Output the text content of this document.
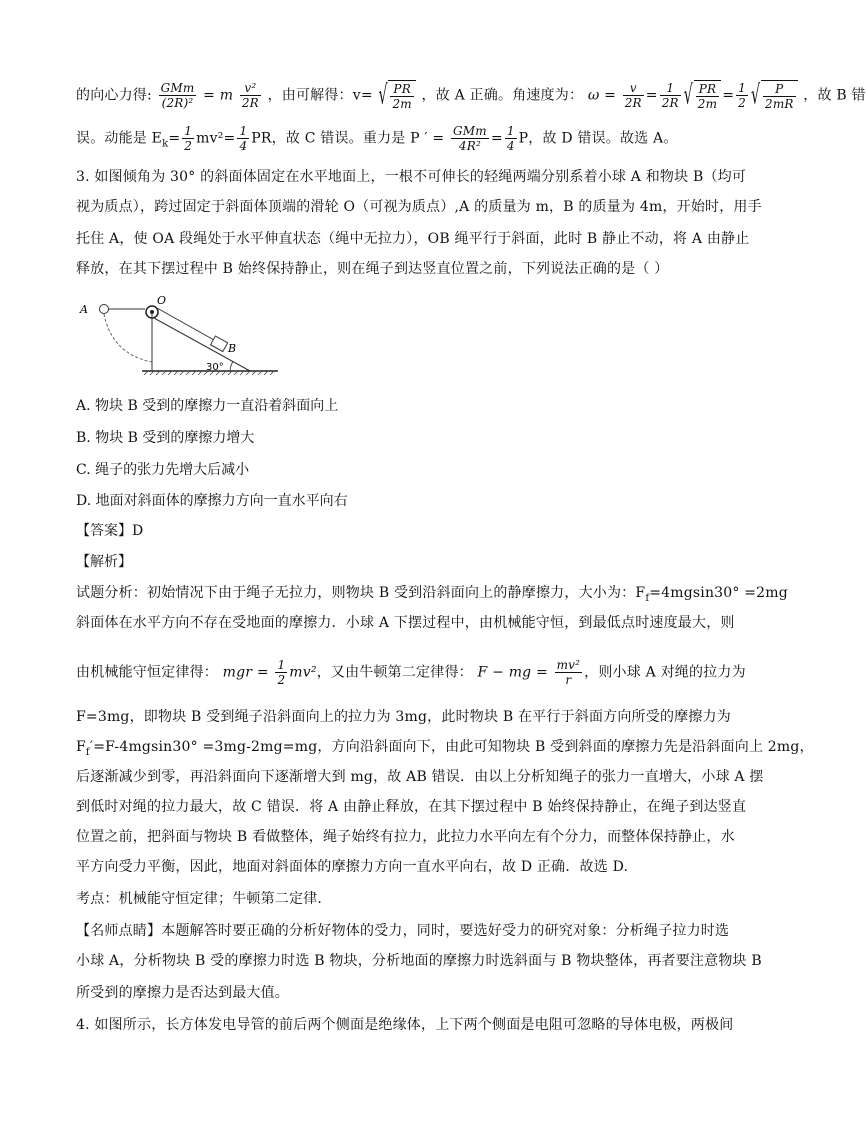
的向心力得: $\frac{\text{GMm}}{\text{(2R)²}} = m \frac{\text{v²}}{2R}$ ，由可解得：v= √ $\frac{PR}{2m}$ ，故 A 正确。角速度为： $\omega = \frac{v}{2R} = \frac{1}{2R}$ √ $\frac{PR}{2m} = \frac{1}{2}$ √ $\frac{P}{2mR}$ ，故 B 错
误。动能是 $E_k= \frac{1}{2} mv^2= \frac{1}{4}$ PR，故 C 错误。重力是 P ′ = $\frac{\text{GMm}}{\text{4R²}} = \frac{1}{4}$ P，故 D 错误。故选 A。
3. 如图倾角为 30° 的斜面体固定在水平地面上，一根不可伸长的轻绳两端分别系着小球 A 和物块 B（均可
视为质点），跨过固定于斜面体顶端的滑轮 O（可视为质点）,A 的质量为 m，B 的质量为 4m，开始时，用手
托住 A，使 OA 段绳处于水平伸直状态（绳中无拉力），OB 绳平行于斜面，此时 B 静止不动，将 A 由静止
释放，在其下摆过程中 B 始终保持静止，则在绳子到达竖直位置之前，下列说法正确的是（ ）
A
O
B
30°
A. 物块 B 受到的摩擦力一直沿着斜面向上
B. 物块 B 受到的摩擦力增大
C. 绳子的张力先增大后减小
D. 地面对斜面体的摩擦力方向一直水平向右
【答案】D
【解析】
试题分析：初始情况下由于绳子无拉力，则物块 B 受到沿斜面向上的静摩擦力，大小为：$F_f=4mgsin30^\circ =2mg$
斜面体在水平方向不存在受地面的摩擦力．小球 A 下摆过程中，由机械能守恒，到最低点时速度最大，则
由机械能守恒定律得： mgr = $\frac{1}{2} mv^2$，又由牛顿第二定律得： F − mg = $\frac{\text{mv²}}{r}$ ，则小球 A 对绳的拉力为
F=3mg，即物块 B 受到绳子沿斜面向上的拉力为 3mg，此时物块 B 在平行于斜面方向所受的摩擦力为
$F_f'=F-4mgsin30^\circ =3mg-2mg=mg$，方向沿斜面向下，由此可知物块 B 受到斜面的摩擦力先是沿斜面向上 2mg，
后逐渐减少到零，再沿斜面向下逐渐增大到 mg，故 AB 错误．由以上分析知绳子的张力一直增大，小球 A 摆
到低时对绳的拉力最大，故 C 错误．将 A 由静止释放，在其下摆过程中 B 始终保持静止，在绳子到达竖直
位置之前，把斜面与物块 B 看做整体，绳子始终有拉力，此拉力水平向左有个分力，而整体保持静止，水
平方向受力平衡，因此，地面对斜面体的摩擦力方向一直水平向右，故 D 正确．故选 D.
考点：机械能守恒定律；牛顿第二定律.
【名师点睛】本题解答时要正确的分析好物体的受力，同时，要选好受力的研究对象：分析绳子拉力时选
小球 A，分析物块 B 受的摩擦力时选 B 物块，分析地面的摩擦力时选斜面与 B 物块整体，再者要注意物块 B
所受到的摩擦力是否达到最大值。
4. 如图所示，长方体发电导管的前后两个侧面是绝缘体，上下两个侧面是电阻可忽略的导体电极，两极间
